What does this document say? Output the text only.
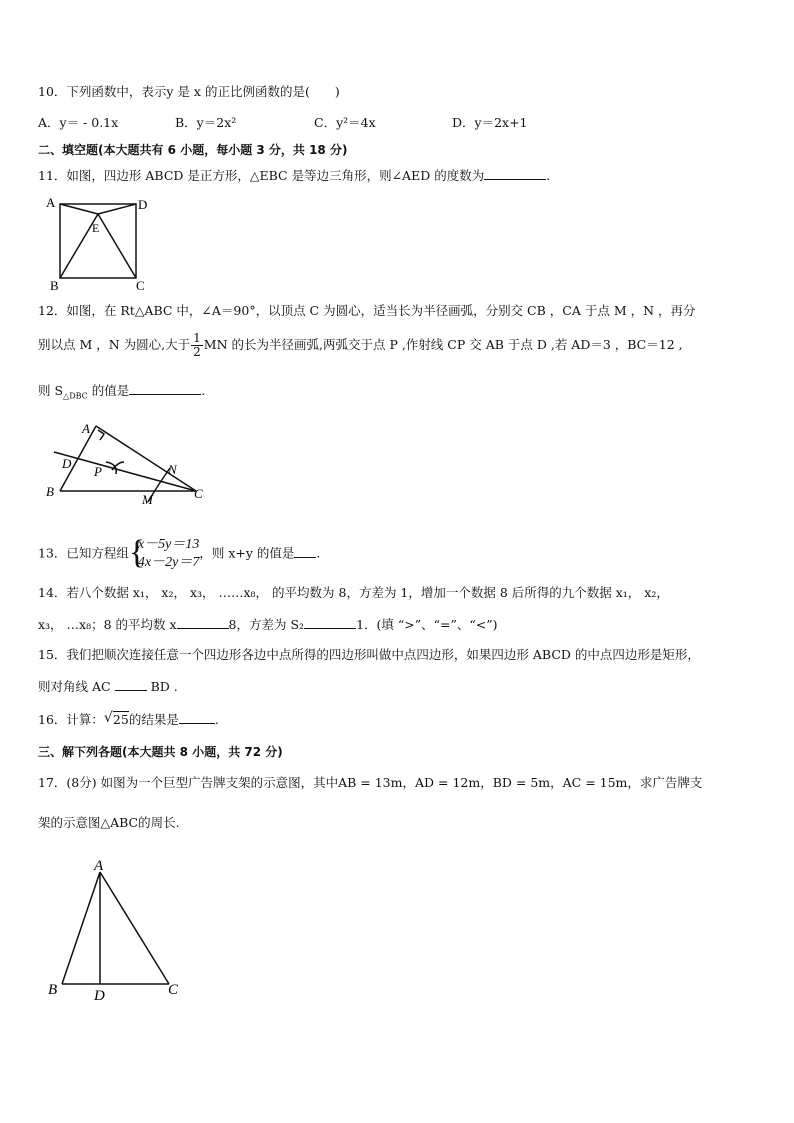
10．下列函数中，表示y 是 x 的正比例函数的是(　　)
A．y＝ - 0.1x	B．y＝2x²	C．y²＝4x	D．y＝2x+1
二、填空题(本大题共有 6 小题，每小题 3 分，共 18 分)
11．如图，四边形 ABCD 是正方形，△EBC 是等边三角形，则∠AED 的度数为	.
A	D
E
B	C
12．如图，在 Rt△ABC 中，∠A＝90°，以顶点 C 为圆心，适当长为半径画弧，分别交 CB ，CA 于点 M ，N ，再分
别以点 M ，N 为圆心,大于 $\frac{1}{2}$ MN 的长为半径画弧,两弧交于点 P ,作射线 CP 交 AB 于点 D ,若 AD＝3 ，BC＝12 ,
则 $S_{\triangle DBC}$ 的值是	.
A
D
P	N
B
M	C
13．已知方程组 {
x－5y＝13
4x－2y＝7
，则 x+y 的值是 .
14．若八个数据 x₁， x₂， x₃， ……x₈， 的平均数为 8，方差为 1，增加一个数据 8 后所得的九个数据 x₁， x₂，
x₃， …x₈；8 的平均数 x	8，方差为 S₂	1．(填 “>”、“=”、“<”)
15．我们把顺次连接任意一个四边形各边中点所得的四边形叫做中点四边形，如果四边形 ABCD 的中点四边形是矩形，
则对角线 AC	BD .
16．计算： √ 25的结果是	.
三、解下列各题(本大题共 8 小题，共 72 分)
17．(8分) 如图为一个巨型广告牌支架的示意图，其中AB = 13m，AD = 12m，BD = 5m，AC = 15m，求广告牌支
架的示意图△ABC的周长.
A
B D	C
